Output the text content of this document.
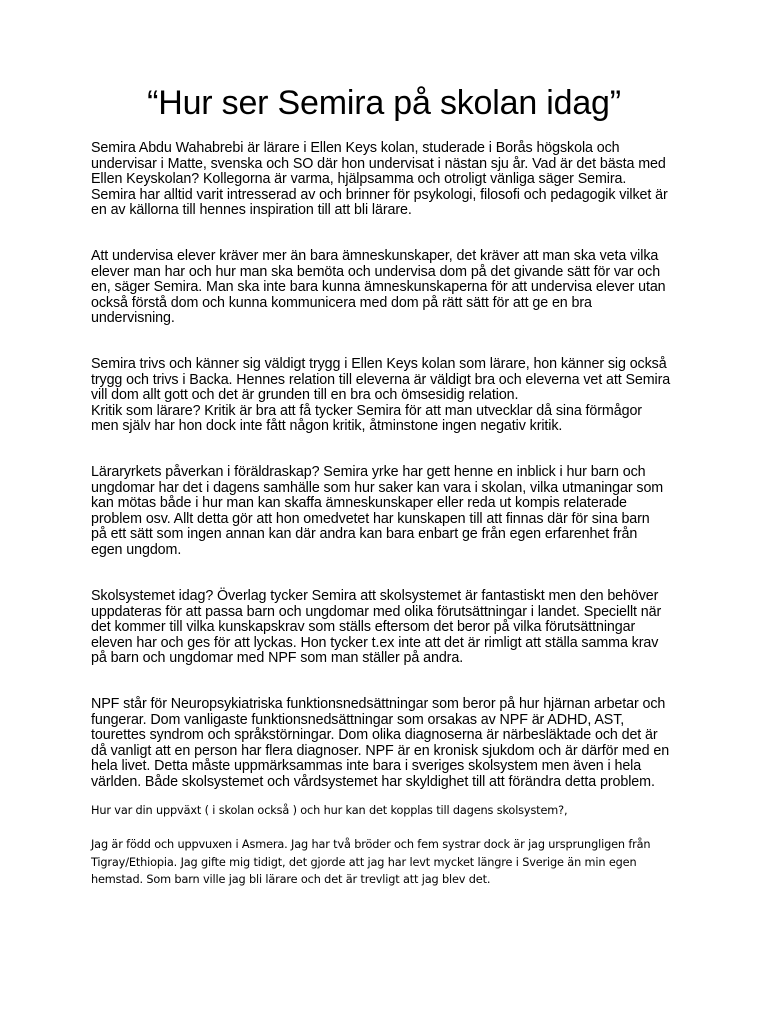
“Hur ser Semira på skolan idag”

Semira Abdu Wahabrebi är lärare i Ellen Keys kolan, studerade i Borås högskola och
undervisar i Matte, svenska och SO där hon undervisat i nästan sju år. Vad är det bästa med
Ellen Keyskolan? Kollegorna är varma, hjälpsamma och otroligt vänliga säger Semira.
Semira har alltid varit intresserad av och brinner för psykologi, filosofi och pedagogik vilket är
en av källorna till hennes inspiration till att bli lärare.

Att undervisa elever kräver mer än bara ämneskunskaper, det kräver att man ska veta vilka
elever man har och hur man ska bemöta och undervisa dom på det givande sätt för var och
en, säger Semira. Man ska inte bara kunna ämneskunskaperna för att undervisa elever utan
också förstå dom och kunna kommunicera med dom på rätt sätt för att ge en bra
undervisning.

Semira trivs och känner sig väldigt trygg i Ellen Keys kolan som lärare, hon känner sig också
trygg och trivs i Backa. Hennes relation till eleverna är väldigt bra och eleverna vet att Semira
vill dom allt gott och det är grunden till en bra och ömsesidig relation.
Kritik som lärare? Kritik är bra att få tycker Semira för att man utvecklar då sina förmågor
men själv har hon dock inte fått någon kritik, åtminstone ingen negativ kritik.

Läraryrkets påverkan i föräldraskap? Semira yrke har gett henne en inblick i hur barn och
ungdomar har det i dagens samhälle som hur saker kan vara i skolan, vilka utmaningar som
kan mötas både i hur man kan skaffa ämneskunskaper eller reda ut kompis relaterade
problem osv. Allt detta gör att hon omedvetet har kunskapen till att finnas där för sina barn
på ett sätt som ingen annan kan där andra kan bara enbart ge från egen erfarenhet från
egen ungdom.

Skolsystemet idag? Överlag tycker Semira att skolsystemet är fantastiskt men den behöver
uppdateras för att passa barn och ungdomar med olika förutsättningar i landet. Speciellt när
det kommer till vilka kunskapskrav som ställs eftersom det beror på vilka förutsättningar
eleven har och ges för att lyckas. Hon tycker t.ex inte att det är rimligt att ställa samma krav
på barn och ungdomar med NPF som man ställer på andra.

NPF står för Neuropsykiatriska funktionsnedsättningar som beror på hur hjärnan arbetar och
fungerar. Dom vanligaste funktionsnedsättningar som orsakas av NPF är ADHD, AST,
tourettes syndrom och språkstörningar. Dom olika diagnoserna är närbesläktade och det är
då vanligt att en person har flera diagnoser. NPF är en kronisk sjukdom och är därför med en
hela livet. Detta måste uppmärksammas inte bara i sveriges skolsystem men även i hela
världen. Både skolsystemet och vårdsystemet har skyldighet till att förändra detta problem.

Hur var din uppväxt ( i skolan också ) och hur kan det kopplas till dagens skolsystem?,

Jag är född och uppvuxen i Asmera. Jag har två bröder och fem systrar dock är jag ursprungligen från
Tigray/Ethiopia. Jag gifte mig tidigt, det gjorde att jag har levt mycket längre i Sverige än min egen
hemstad. Som barn ville jag bli lärare och det är trevligt att jag blev det.
